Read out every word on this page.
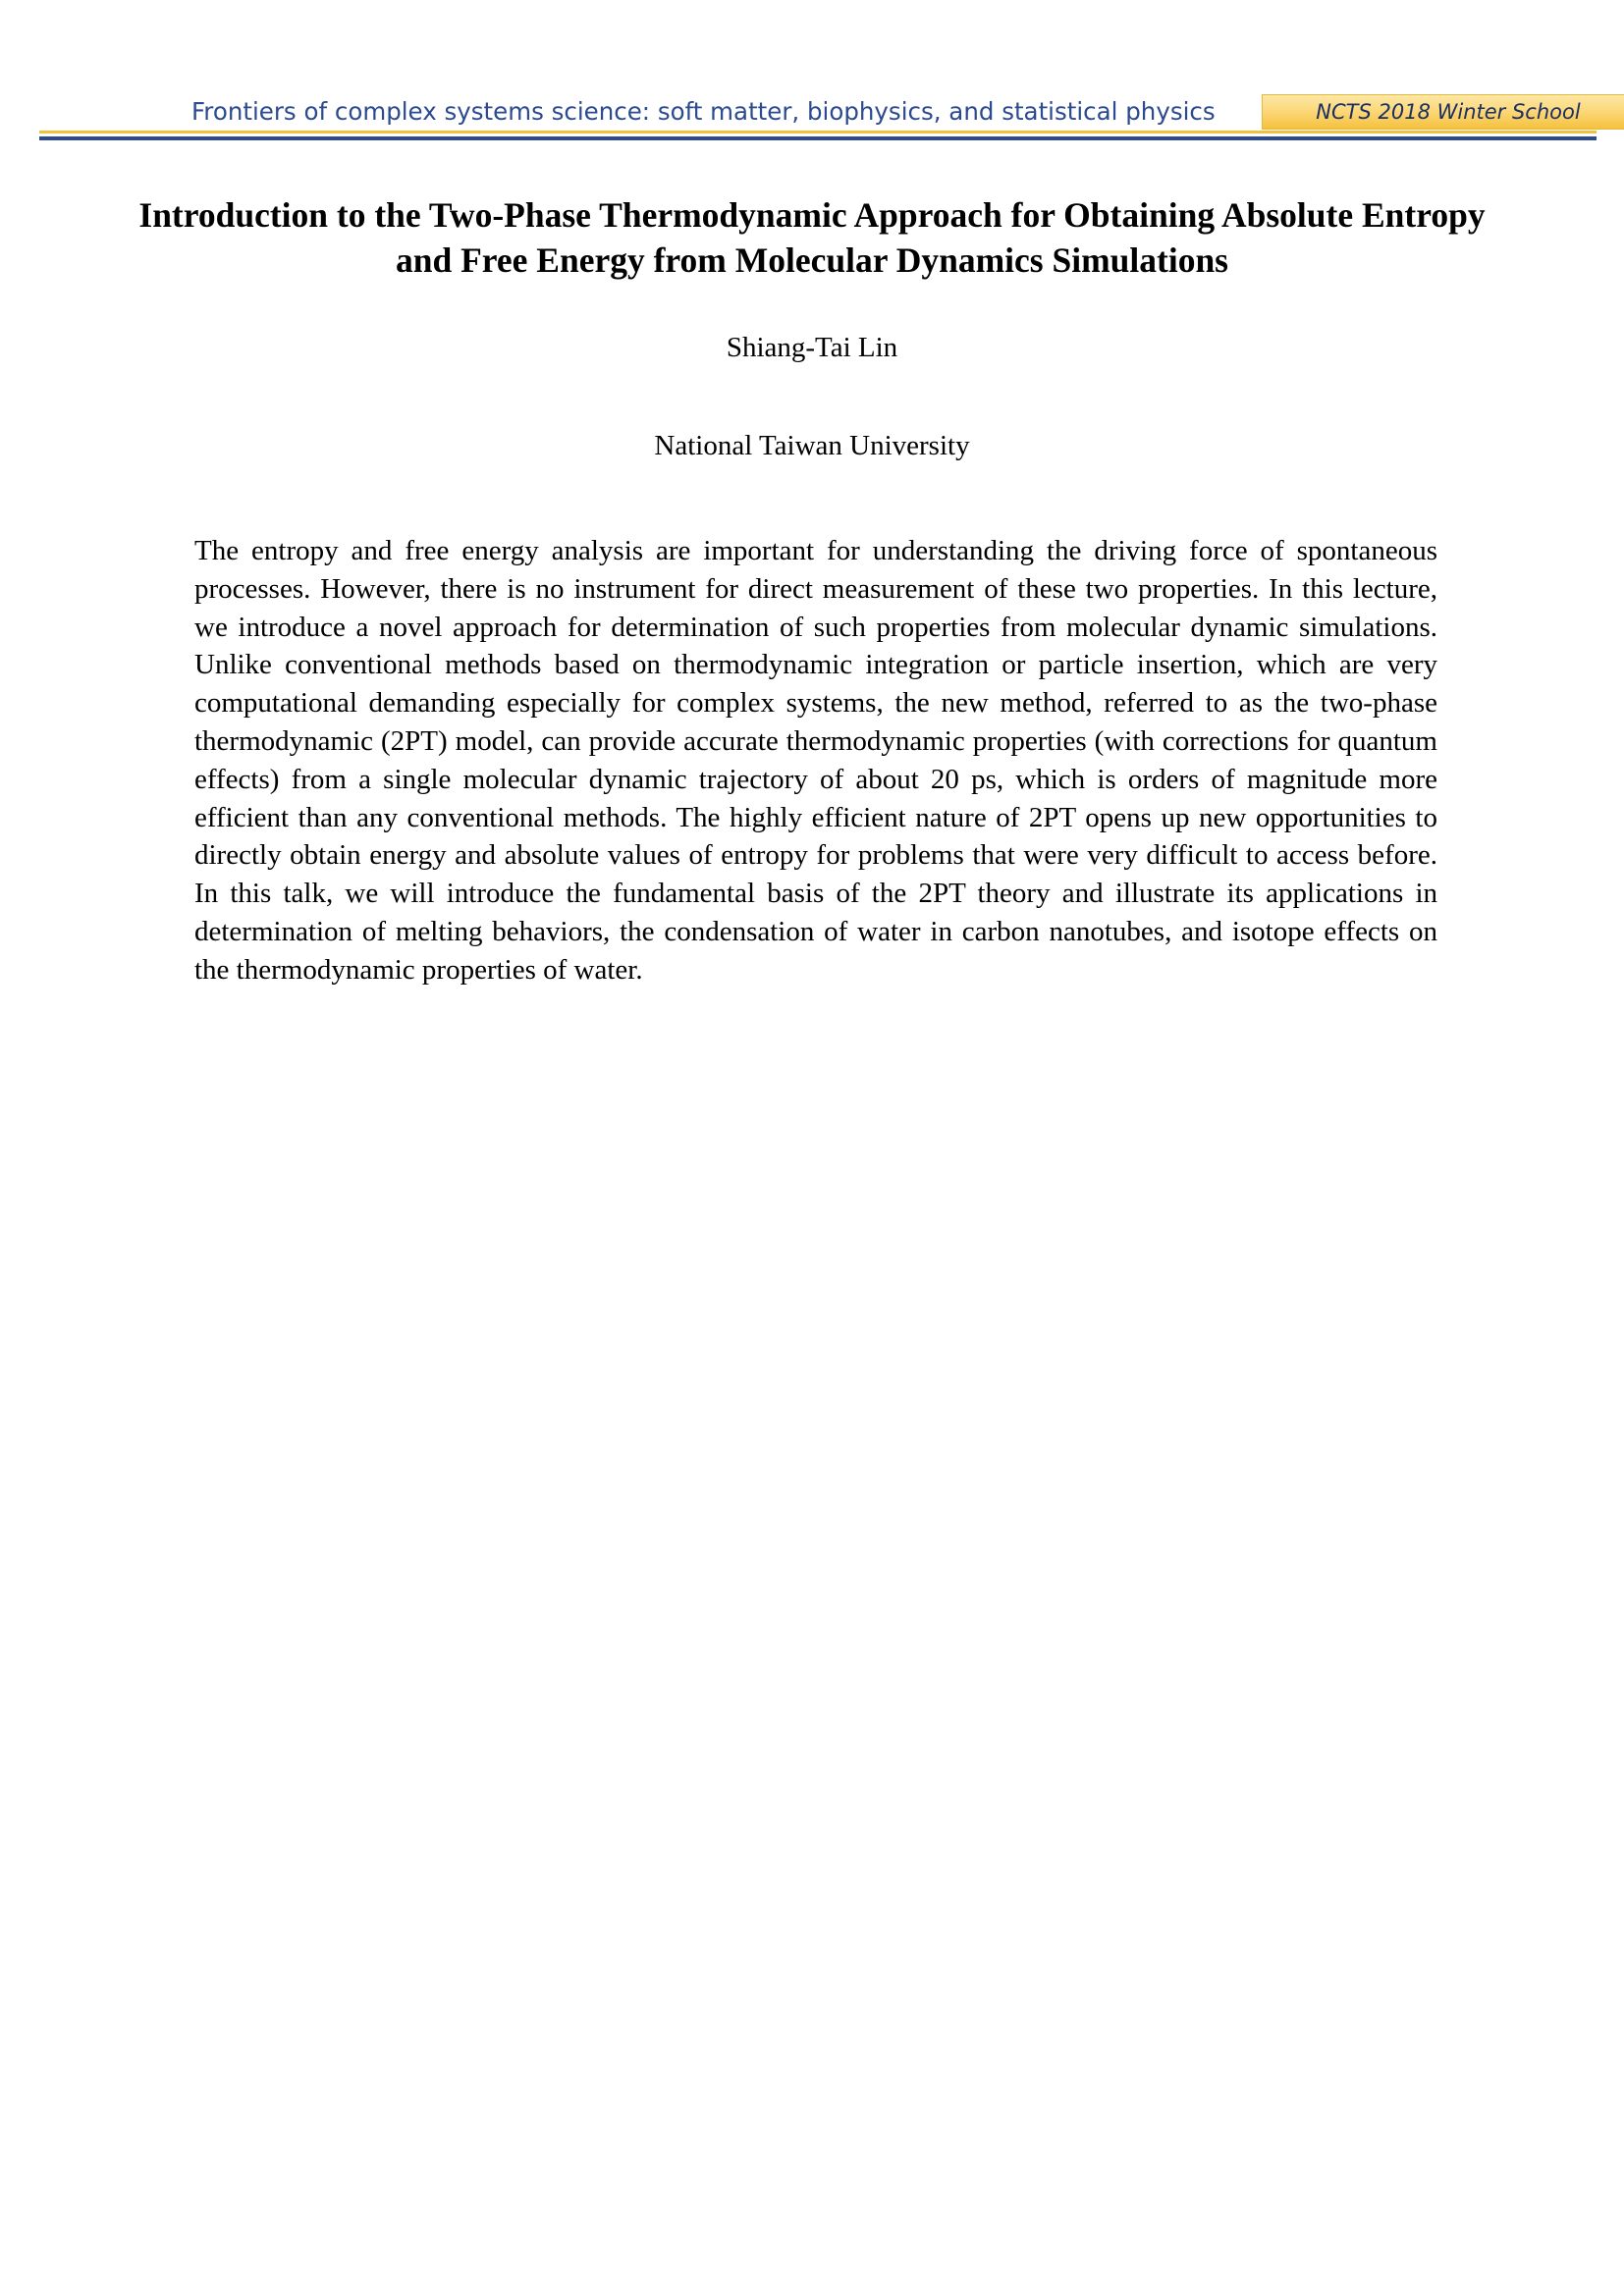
Frontiers of complex systems science: soft matter, biophysics, and statistical physics	NCTS 2018 Winter School
Introduction to the Two-Phase Thermodynamic Approach for Obtaining Absolute Entropy and Free Energy from Molecular Dynamics Simulations
Shiang-Tai Lin
National Taiwan University

The entropy and free energy analysis are important for understanding the driving force of spontaneous processes. However, there is no instrument for direct measurement of these two properties. In this lecture, we introduce a novel approach for determination of such properties from molecular dynamic simulations. Unlike conventional methods based on thermodynamic integration or particle insertion, which are very computational demanding especially for complex systems, the new method, referred to as the two-phase thermodynamic (2PT) model, can provide accurate thermodynamic properties (with corrections for quantum effects) from a single molecular dynamic trajectory of about 20 ps, which is orders of magnitude more efficient than any conventional methods. The highly efficient nature of 2PT opens up new opportunities to directly obtain energy and absolute values of entropy for problems that were very difficult to access before. In this talk, we will introduce the fundamental basis of the 2PT theory and illustrate its applications in determination of melting behaviors, the condensation of water in carbon nanotubes, and isotope effects on the thermodynamic properties of water.
